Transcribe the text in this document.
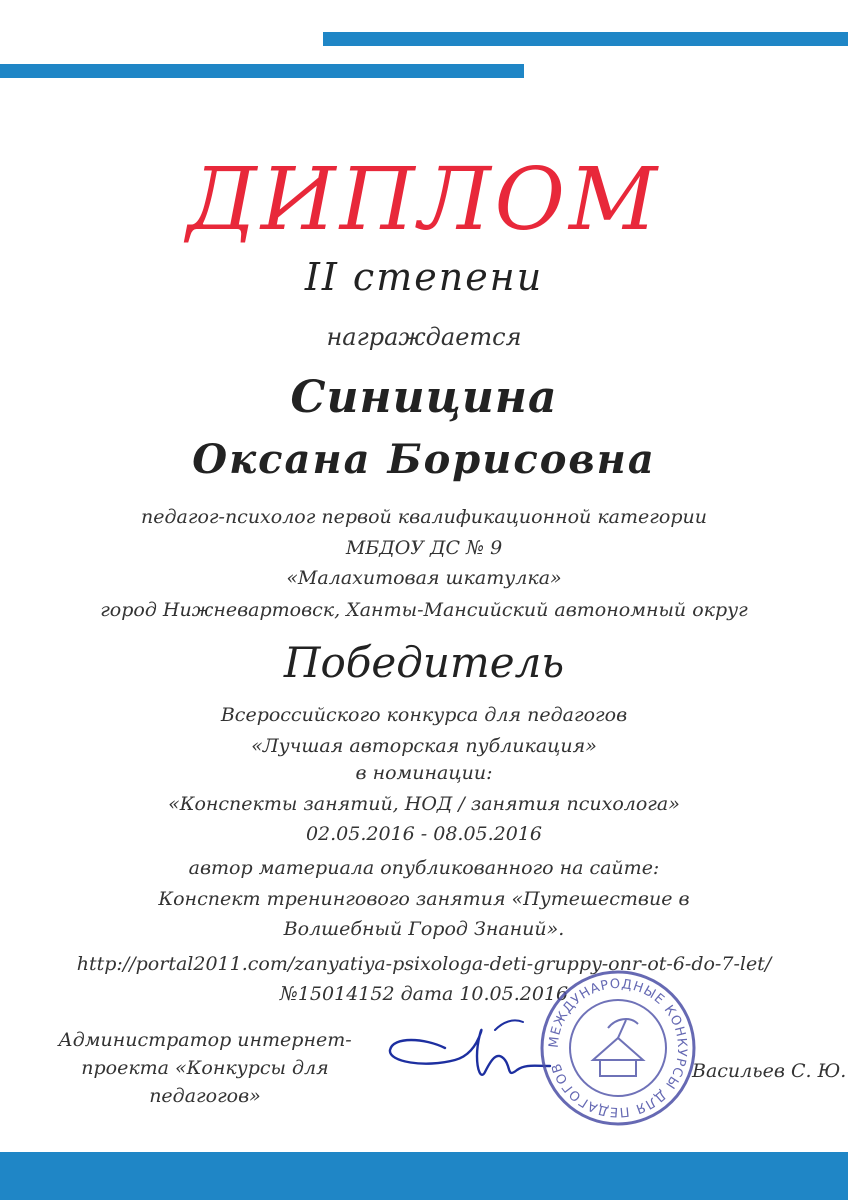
ДИПЛОМ
II степени
награждается
Синицина
Оксана Борисовна
педагог-психолог первой квалификационной категории
МБДОУ ДС № 9
«Малахитовая шкатулка»
город Нижневартовск, Ханты-Мансийский автономный округ
Победитель
Всероссийского конкурса для педагогов
«Лучшая авторская публикация»
в номинации:
«Конспекты занятий, НОД / занятия психолога»
02.05.2016 - 08.05.2016
автор материала опубликованного на сайте:
Конспект тренингового занятия «Путешествие в
Волшебный Город Знаний».
http://portal2011.com/zanyatiya-psixologa-deti-gruppy-onr-ot-6-do-7-let/
№15014152 дата 10.05.2016
Администратор интернет-
проекта «Конкурсы для
педагогов»
МЕЖДУНАРОДНЫЕ КОНКУРСЫ ДЛЯ ПЕДАГОГОВ	Васильев С. Ю.
